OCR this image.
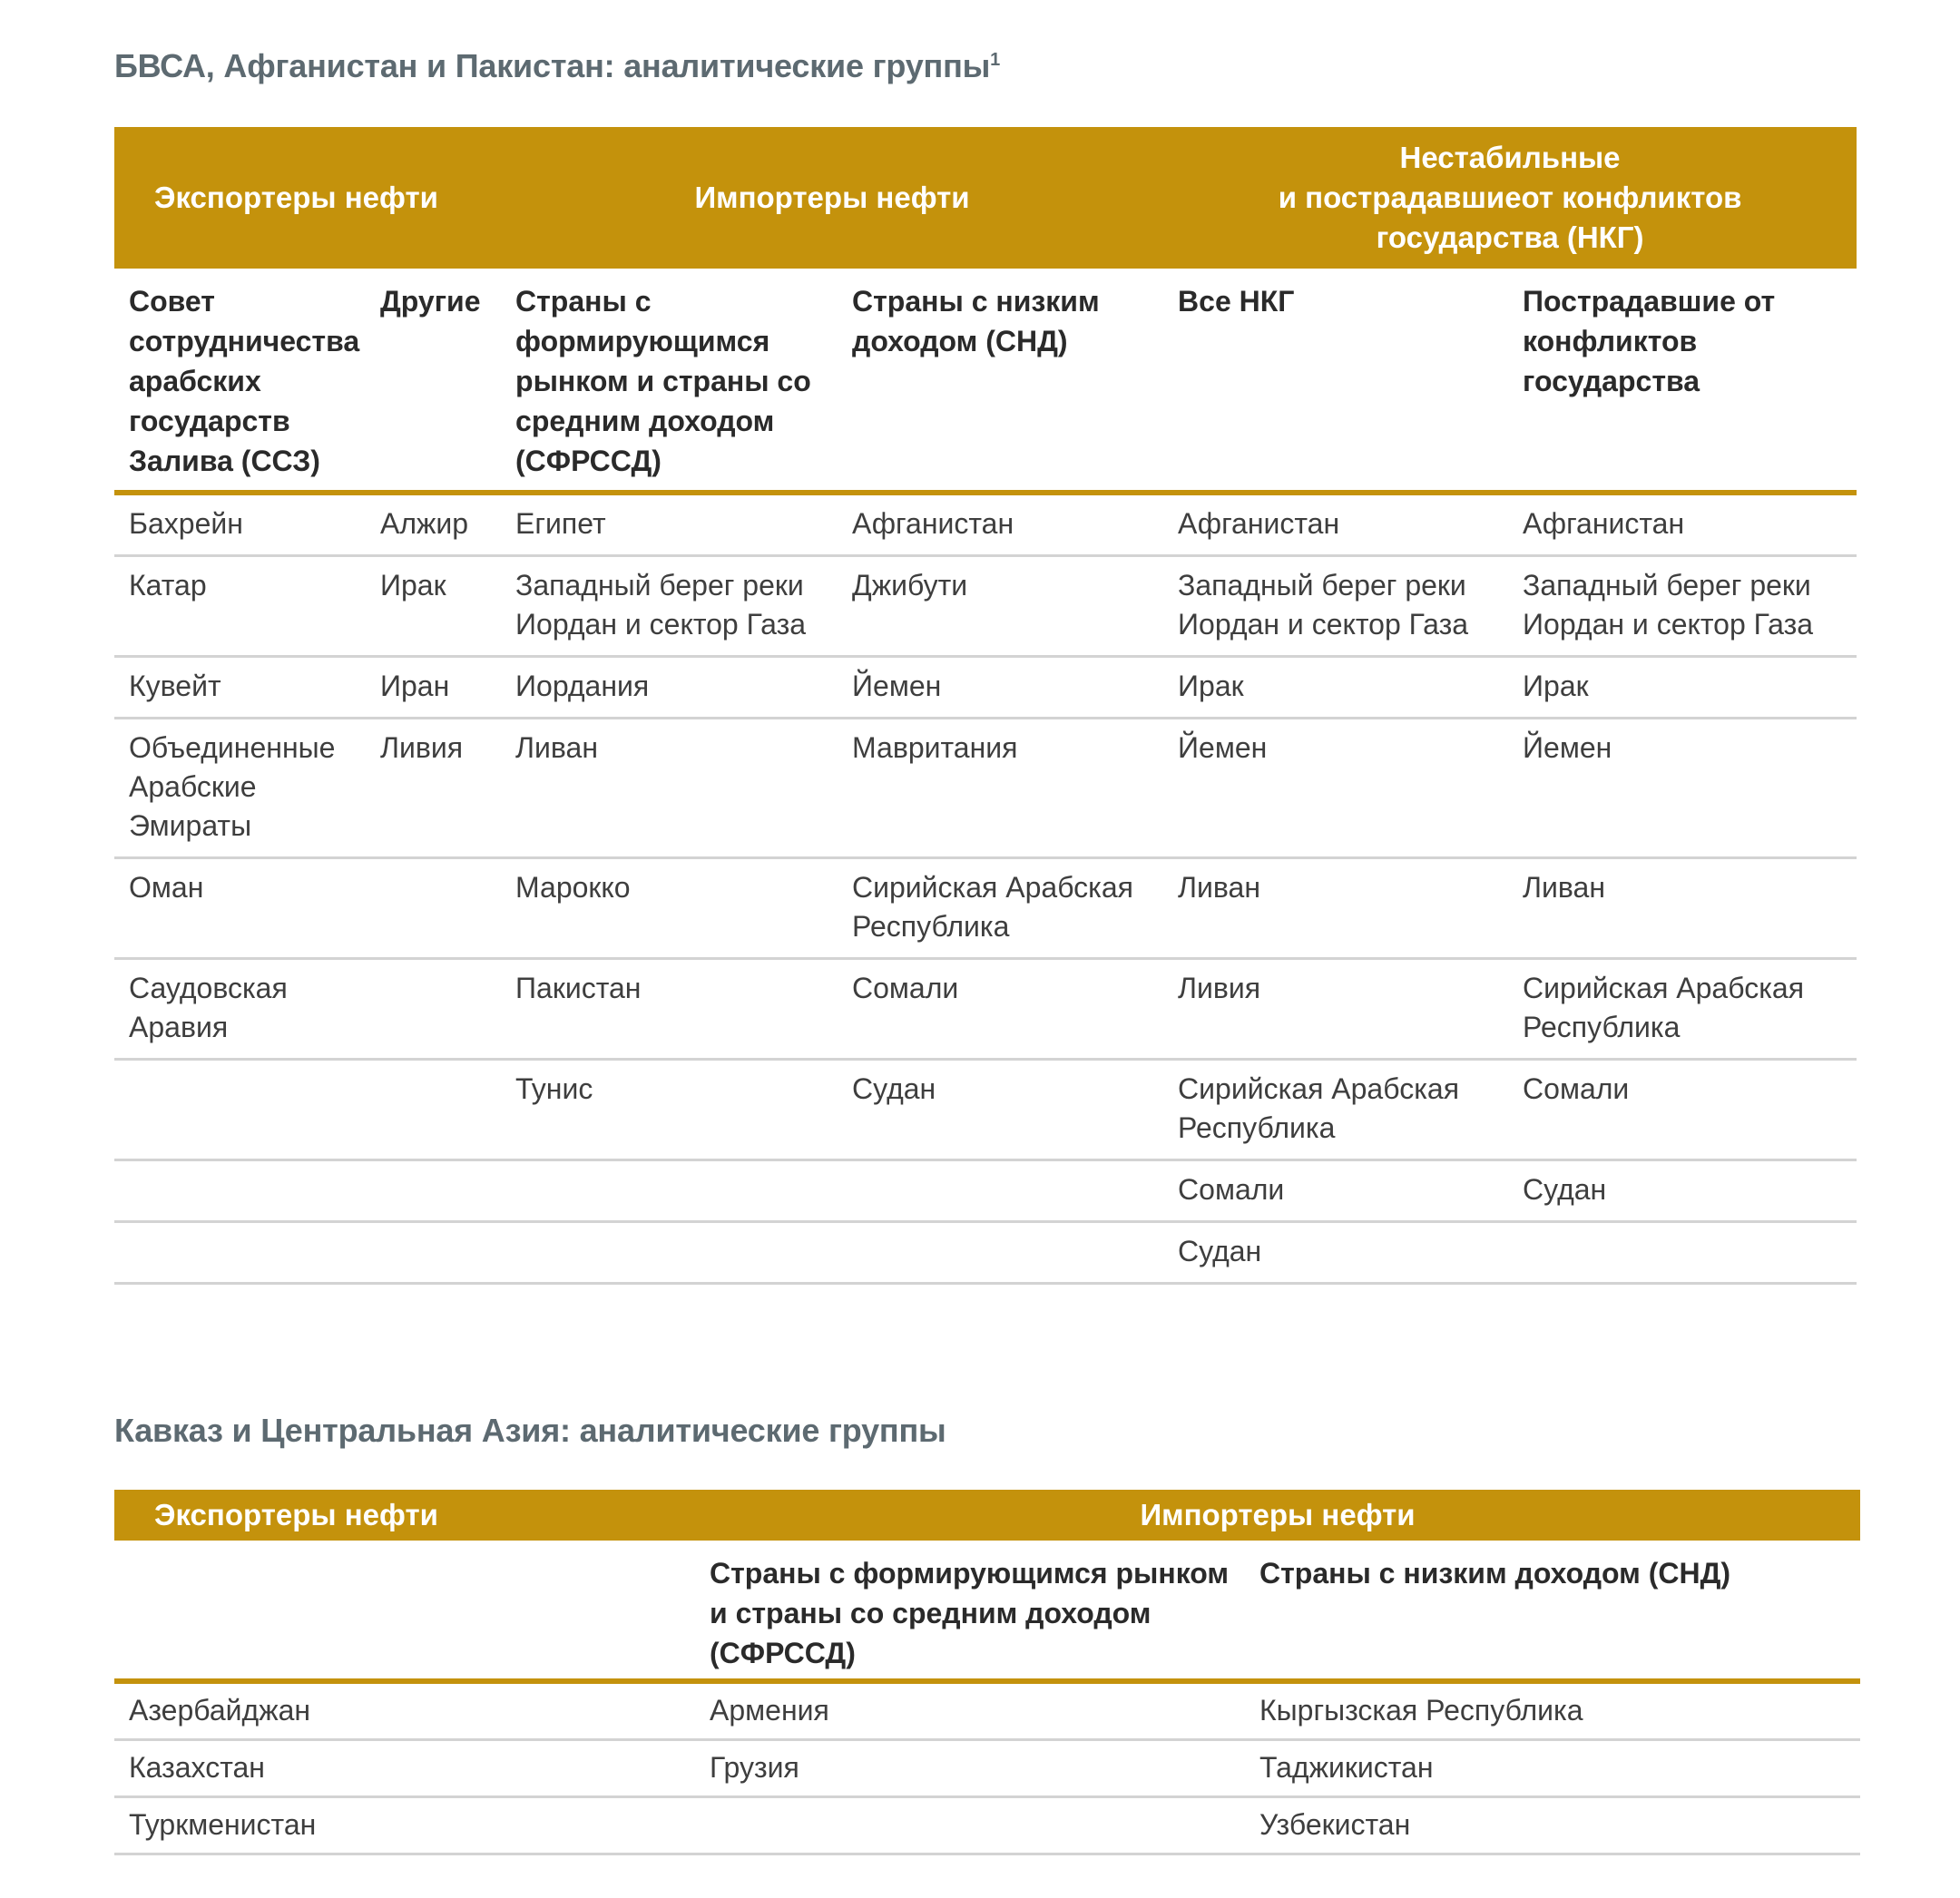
БВСА, Афганистан и Пакистан: аналитические группы$^1$
Экспортеры нефти		Импортеры нефти		Нестабильные
и пострадавшиеот конфликтов
государства (НКГ)	

Совет сотрудничества арабских государств Залива (ССЗ)	Другие	Страны с формирующимся рынком и страны со средним доходом (СФРССД)	Страны с низким доходом (СНД)	Все НКГ	Пострадавшие от конфликтов государства
Бахрейн	Алжир	Египет	Афганистан	Афганистан	Афганистан
Катар	Ирак	Западный берег реки Иордан и сектор Газа	Джибути	Западный берег реки Иордан и сектор Газа	Западный берег реки Иордан и сектор Газа
Кувейт	Иран	Иордания	Йемен	Ирак	Ирак
Объединенные Арабские Эмираты	Ливия	Ливан	Мавритания	Йемен	Йемен
Оман		Марокко	Сирийская Арабская Республика	Ливан	Ливан
Саудовская Аравия		Пакистан	Сомали	Ливия	Сирийская Арабская Республика
		Тунис	Судан	Сирийская Арабская Республика	Сомали
				Сомали	Судан
				Судан	
Кавказ и Центральная Азия: аналитические группы
Экспортеры нефти	Импортеры нефти	
	Страны с формирующимся рынком и страны со средним доходом (СФРССД)	Страны с низким доходом (СНД)
Азербайджан	Армения	Кыргызская Республика
Казахстан	Грузия	Таджикистан
Туркменистан		Узбекистан
